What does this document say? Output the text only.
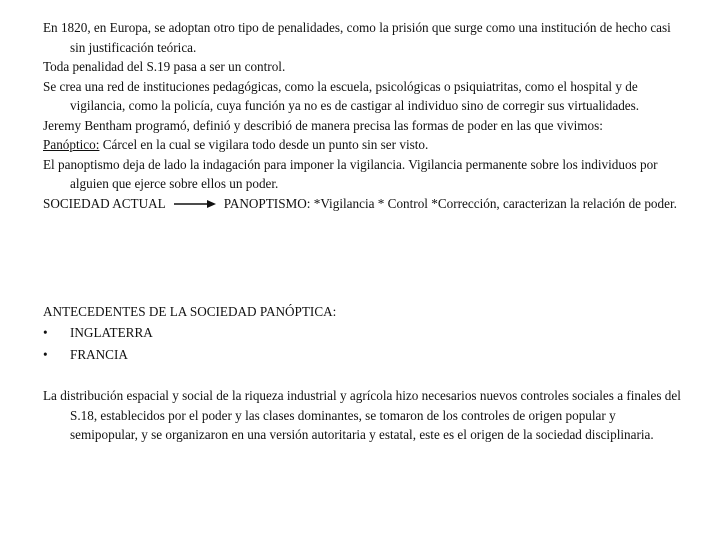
En 1820, en Europa, se adoptan otro tipo de penalidades, como la prisión que surge como una institución de hecho casi sin justificación teórica.

Toda penalidad del S.19 pasa a ser un control.

Se crea una red de instituciones pedagógicas, como la escuela, psicológicas o psiquiatritas, como el hospital y de vigilancia, como la policía, cuya función ya no es de castigar al individuo sino de corregir sus virtualidades.

Jeremy Bentham programó, definió y describió de manera precisa las formas de poder en las que vivimos:

Panóptico: Cárcel en la cual se vigilara todo desde un punto sin ser visto.

El panoptismo deja de lado la indagación para imponer la vigilancia. Vigilancia permanente sobre los individuos por alguien que ejerce sobre ellos un poder.

SOCIEDAD ACTUAL	PANOPTISMO: *Vigilancia * Control *Corrección, caracterizan la relación de poder.

ANTECEDENTES DE LA SOCIEDAD PANÓPTICA:

•	INGLATERRA
•	FRANCIA

La distribución espacial y social de la riqueza industrial y agrícola hizo necesarios nuevos controles sociales a finales del S.18, establecidos por el poder y las clases dominantes, se tomaron de los controles de origen popular y semipopular, y se organizaron en una versión autoritaria y estatal, este es el origen de la sociedad disciplinaria.
